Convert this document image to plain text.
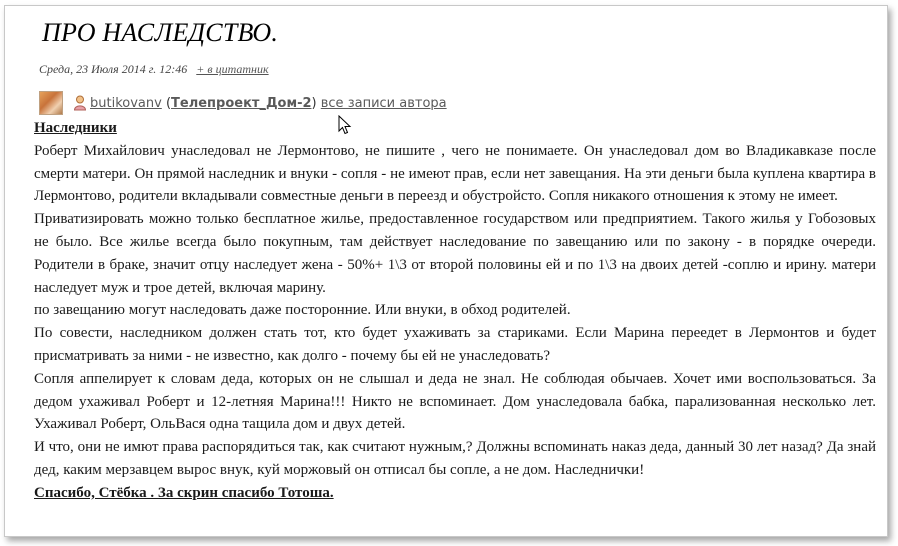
ПРО НАСЛЕДСТВО.
Среда, 23 Июля 2014 г. 12:46 + в цитатник
butikovanv ( Телепроект_Дом-2 ) все записи автора

Наследники

Роберт Михайлович унаследовал не Лермонтово, не пишите , чего не понимаете. Он унаследовал дом во Владикавказе после смерти матери. Он прямой наследник и внуки - сопля - не имеют прав, если нет завещания. На эти деньги была куплена квартира в Лермонтово, родители вкладывали совместные деньги в переезд и обустройсто. Сопля никакого отношения к этому не имеет.

Приватизировать можно только бесплатное жилье, предоставленное государством или предприятием. Такого жилья у Гобозовых не было. Все жилье всегда было покупным, там действует наследование по завещанию или по закону - в порядке очереди. Родители в браке, значит отцу наследует жена - 50%+ 1\3 от второй половины ей и по 1\3 на двоих детей -соплю и ирину. матери наследует муж и трое детей, включая марину.

по завещанию могут наследовать даже посторонние. Или внуки, в обход родителей.

По совести, наследником должен стать тот, кто будет ухаживать за стариками. Если Марина переедет в Лермонтов и будет присматривать за ними - не известно, как долго - почему бы ей не унаследовать?

Сопля аппелирует к словам деда, которых он не слышал и деда не знал. Не соблюдая обычаев. Хочет ими воспользоваться. За дедом ухаживал Роберт и 12-летняя Марина!!! Никто не вспоминает. Дом унаследовала бабка, парализованная несколько лет. Ухаживал Роберт, ОльВася одна тащила дом и двух детей.

И что, они не имют права распорядиться так, как считают нужным,? Должны вспоминать наказ деда, данный 30 лет назад? Да знай дед, каким мерзавцем вырос внук, куй моржовый он отписал бы сопле, а не дом. Наследнички!

Спасибо, Стёбка . За скрин спасибо Тотоша.
